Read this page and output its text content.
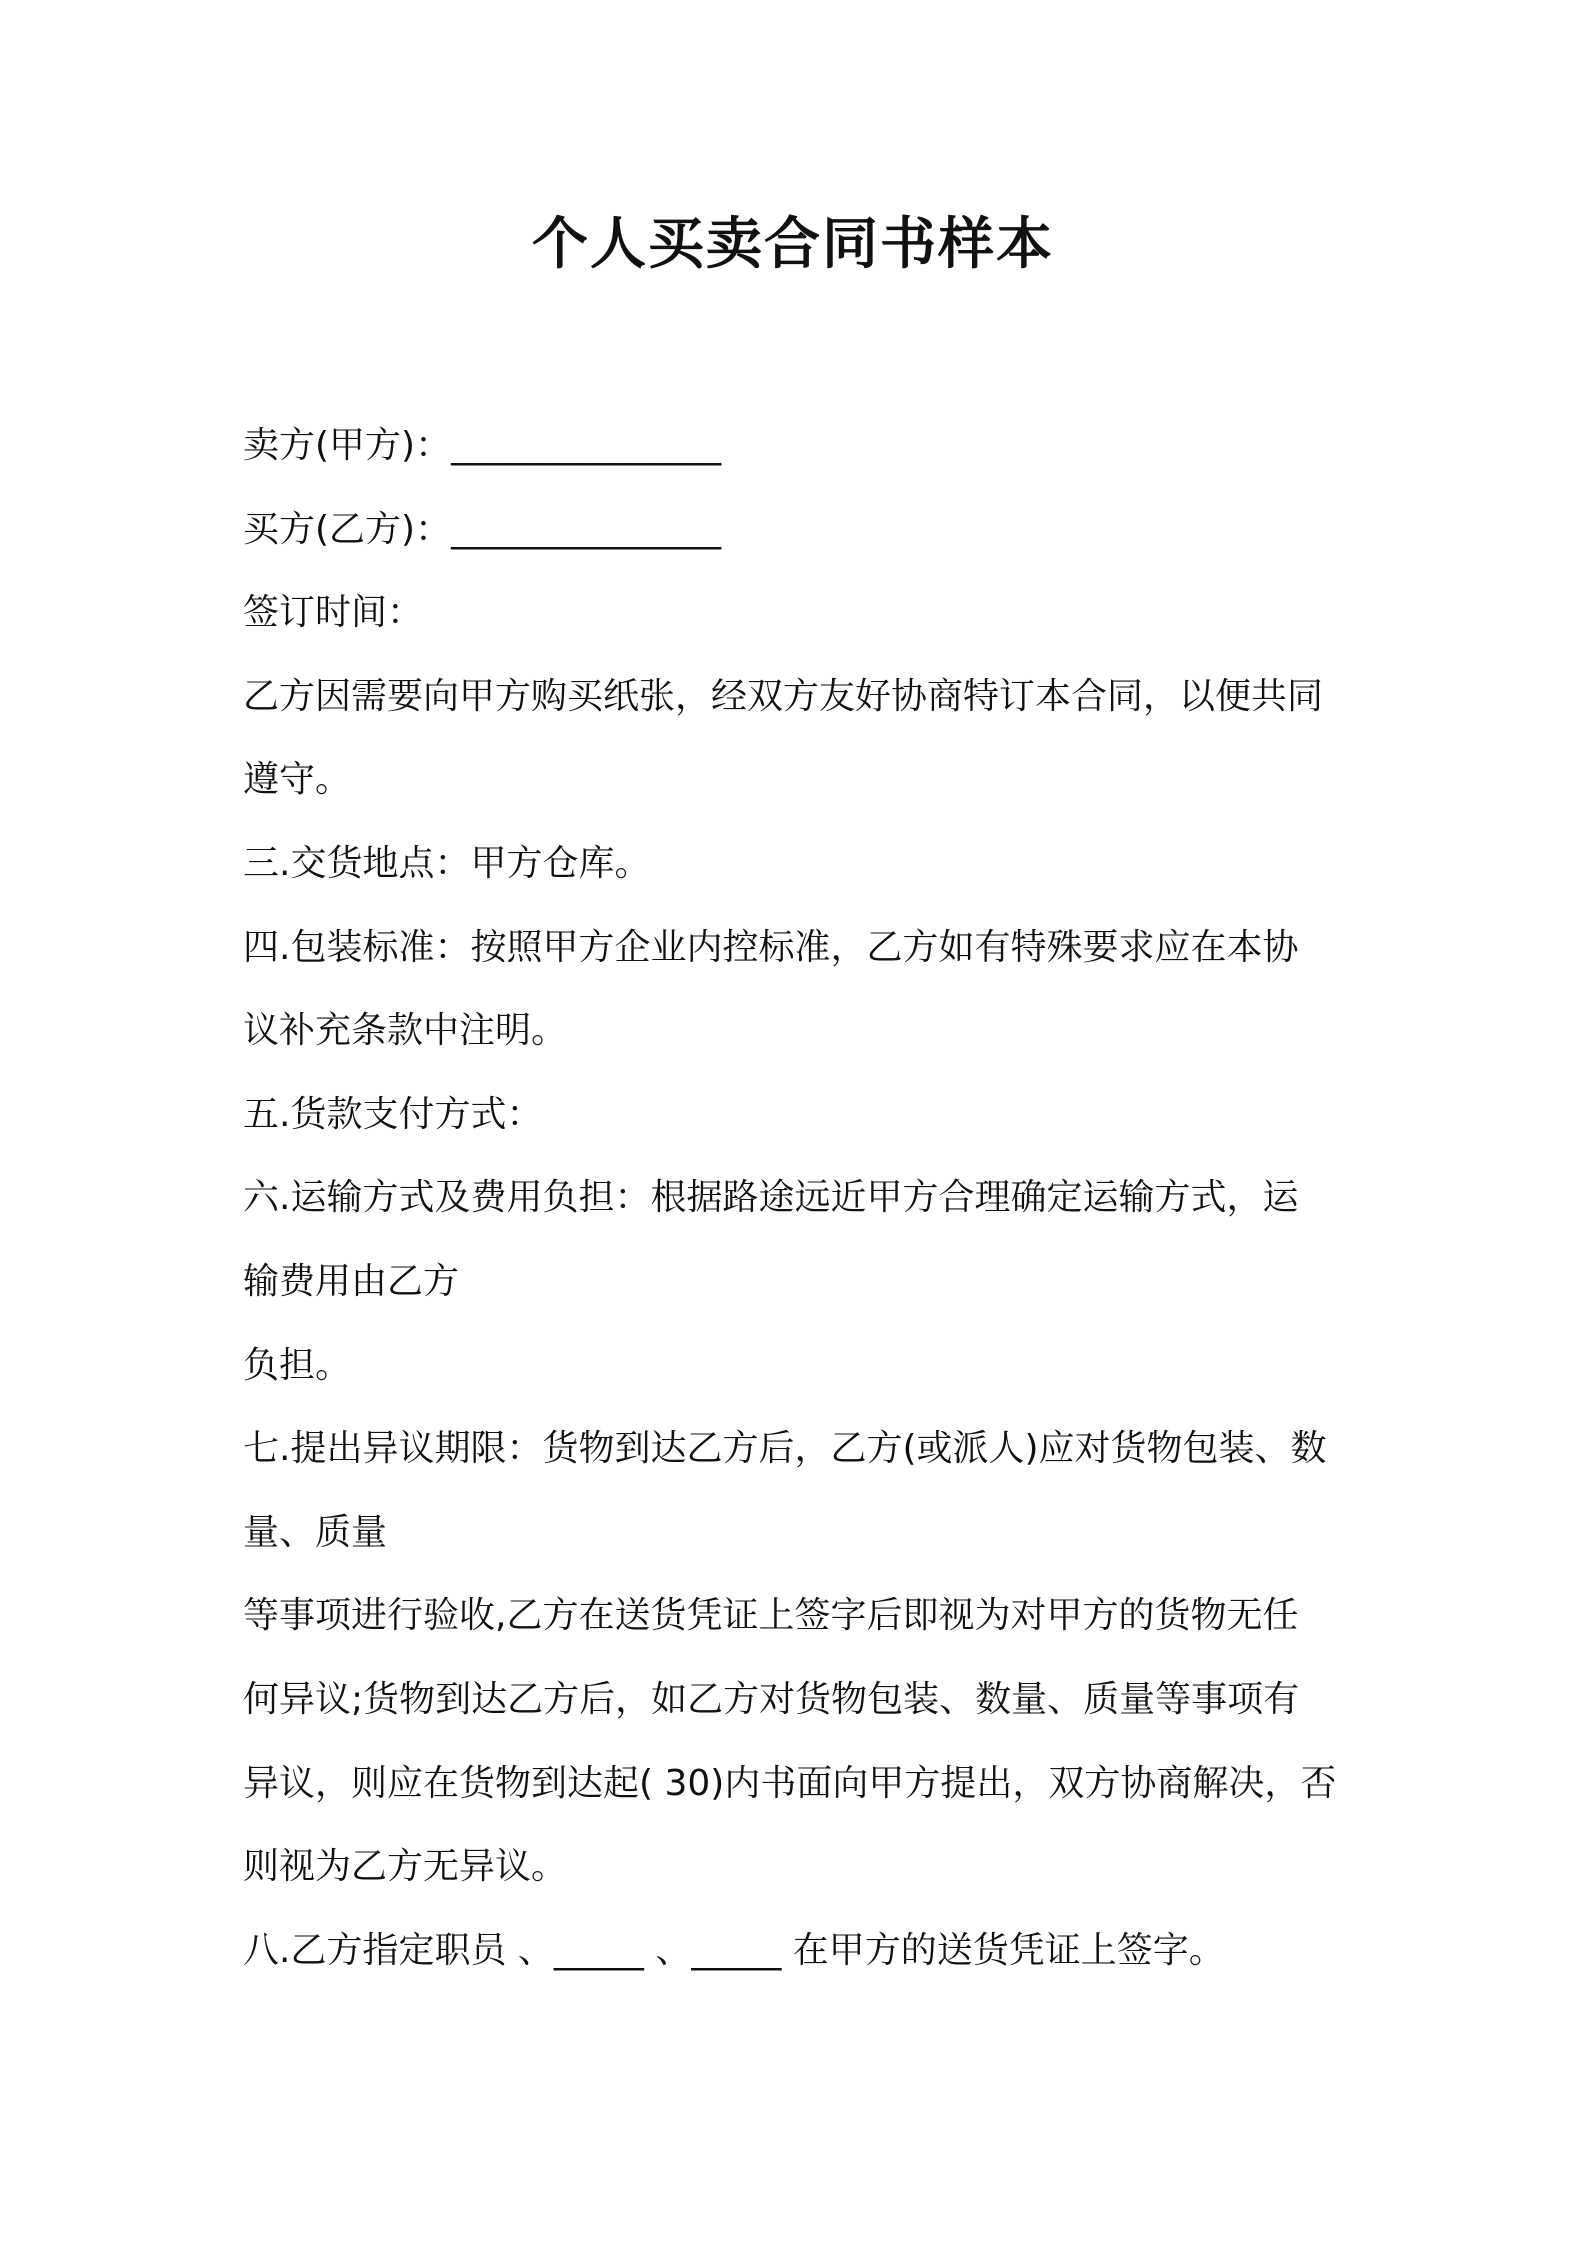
个人买卖合同书样本
卖方(甲方)：_______________
买方(乙方)：_______________
签订时间：
乙方因需要向甲方购买纸张，经双方友好协商特订本合同，以便共同
遵守。
三.交货地点：甲方仓库。
四.包装标准：按照甲方企业内控标准，乙方如有特殊要求应在本协
议补充条款中注明。
五.货款支付方式：
六.运输方式及费用负担：根据路途远近甲方合理确定运输方式，运
输费用由乙方
负担。
七.提出异议期限：货物到达乙方后，乙方(或派人)应对货物包装、数
量、质量
等事项进行验收,乙方在送货凭证上签字后即视为对甲方的货物无任
何异议;货物到达乙方后，如乙方对货物包装、数量、质量等事项有
异议，则应在货物到达起( 30)内书面向甲方提出，双方协商解决，否
则视为乙方无异议。
八.乙方指定职员 、_____ 、_____ 在甲方的送货凭证上签字。
